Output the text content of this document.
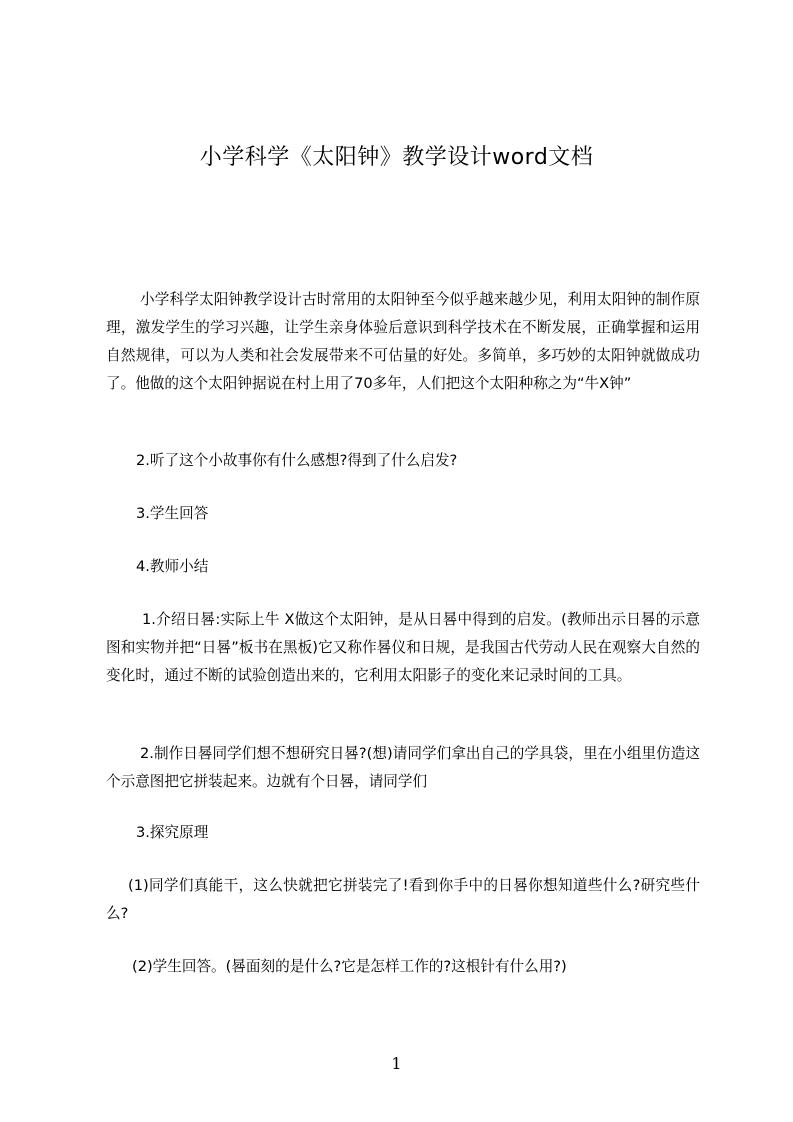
小学科学《太阳钟》教学设计word文档
小学科学太阳钟教学设计古时常用的太阳钟至今似乎越来越少见，利用太阳钟的制作原理，激发学生的学习兴趣，让学生亲身体验后意识到科学技术在不断发展，正确掌握和运用自然规律，可以为人类和社会发展带来不可估量的好处。多简单，多巧妙的太阳钟就做成功了。他做的这个太阳钟据说在村上用了70多年，人们把这个太阳种称之为“牛X钟”
2.听了这个小故事你有什么感想?得到了什么启发?
3.学生回答
4.教师小结
1.介绍日晷:实际上牛 X做这个太阳钟，是从日晷中得到的启发。(教师出示日晷的示意图和实物并把“日晷”板书在黑板)它又称作晷仪和日规，是我国古代劳动人民在观察大自然的变化时，通过不断的试验创造出来的，它利用太阳影子的变化来记录时间的工具。
2.制作日晷同学们想不想研究日晷?(想)请同学们拿出自己的学具袋，里在小组里仿造这个示意图把它拼装起来。边就有个日晷，请同学们
3.探究原理
(1)同学们真能干，这么快就把它拼装完了!看到你手中的日晷你想知道些什么?研究些什么?
(2)学生回答。(晷面刻的是什么?它是怎样工作的?这根针有什么用?)
1
